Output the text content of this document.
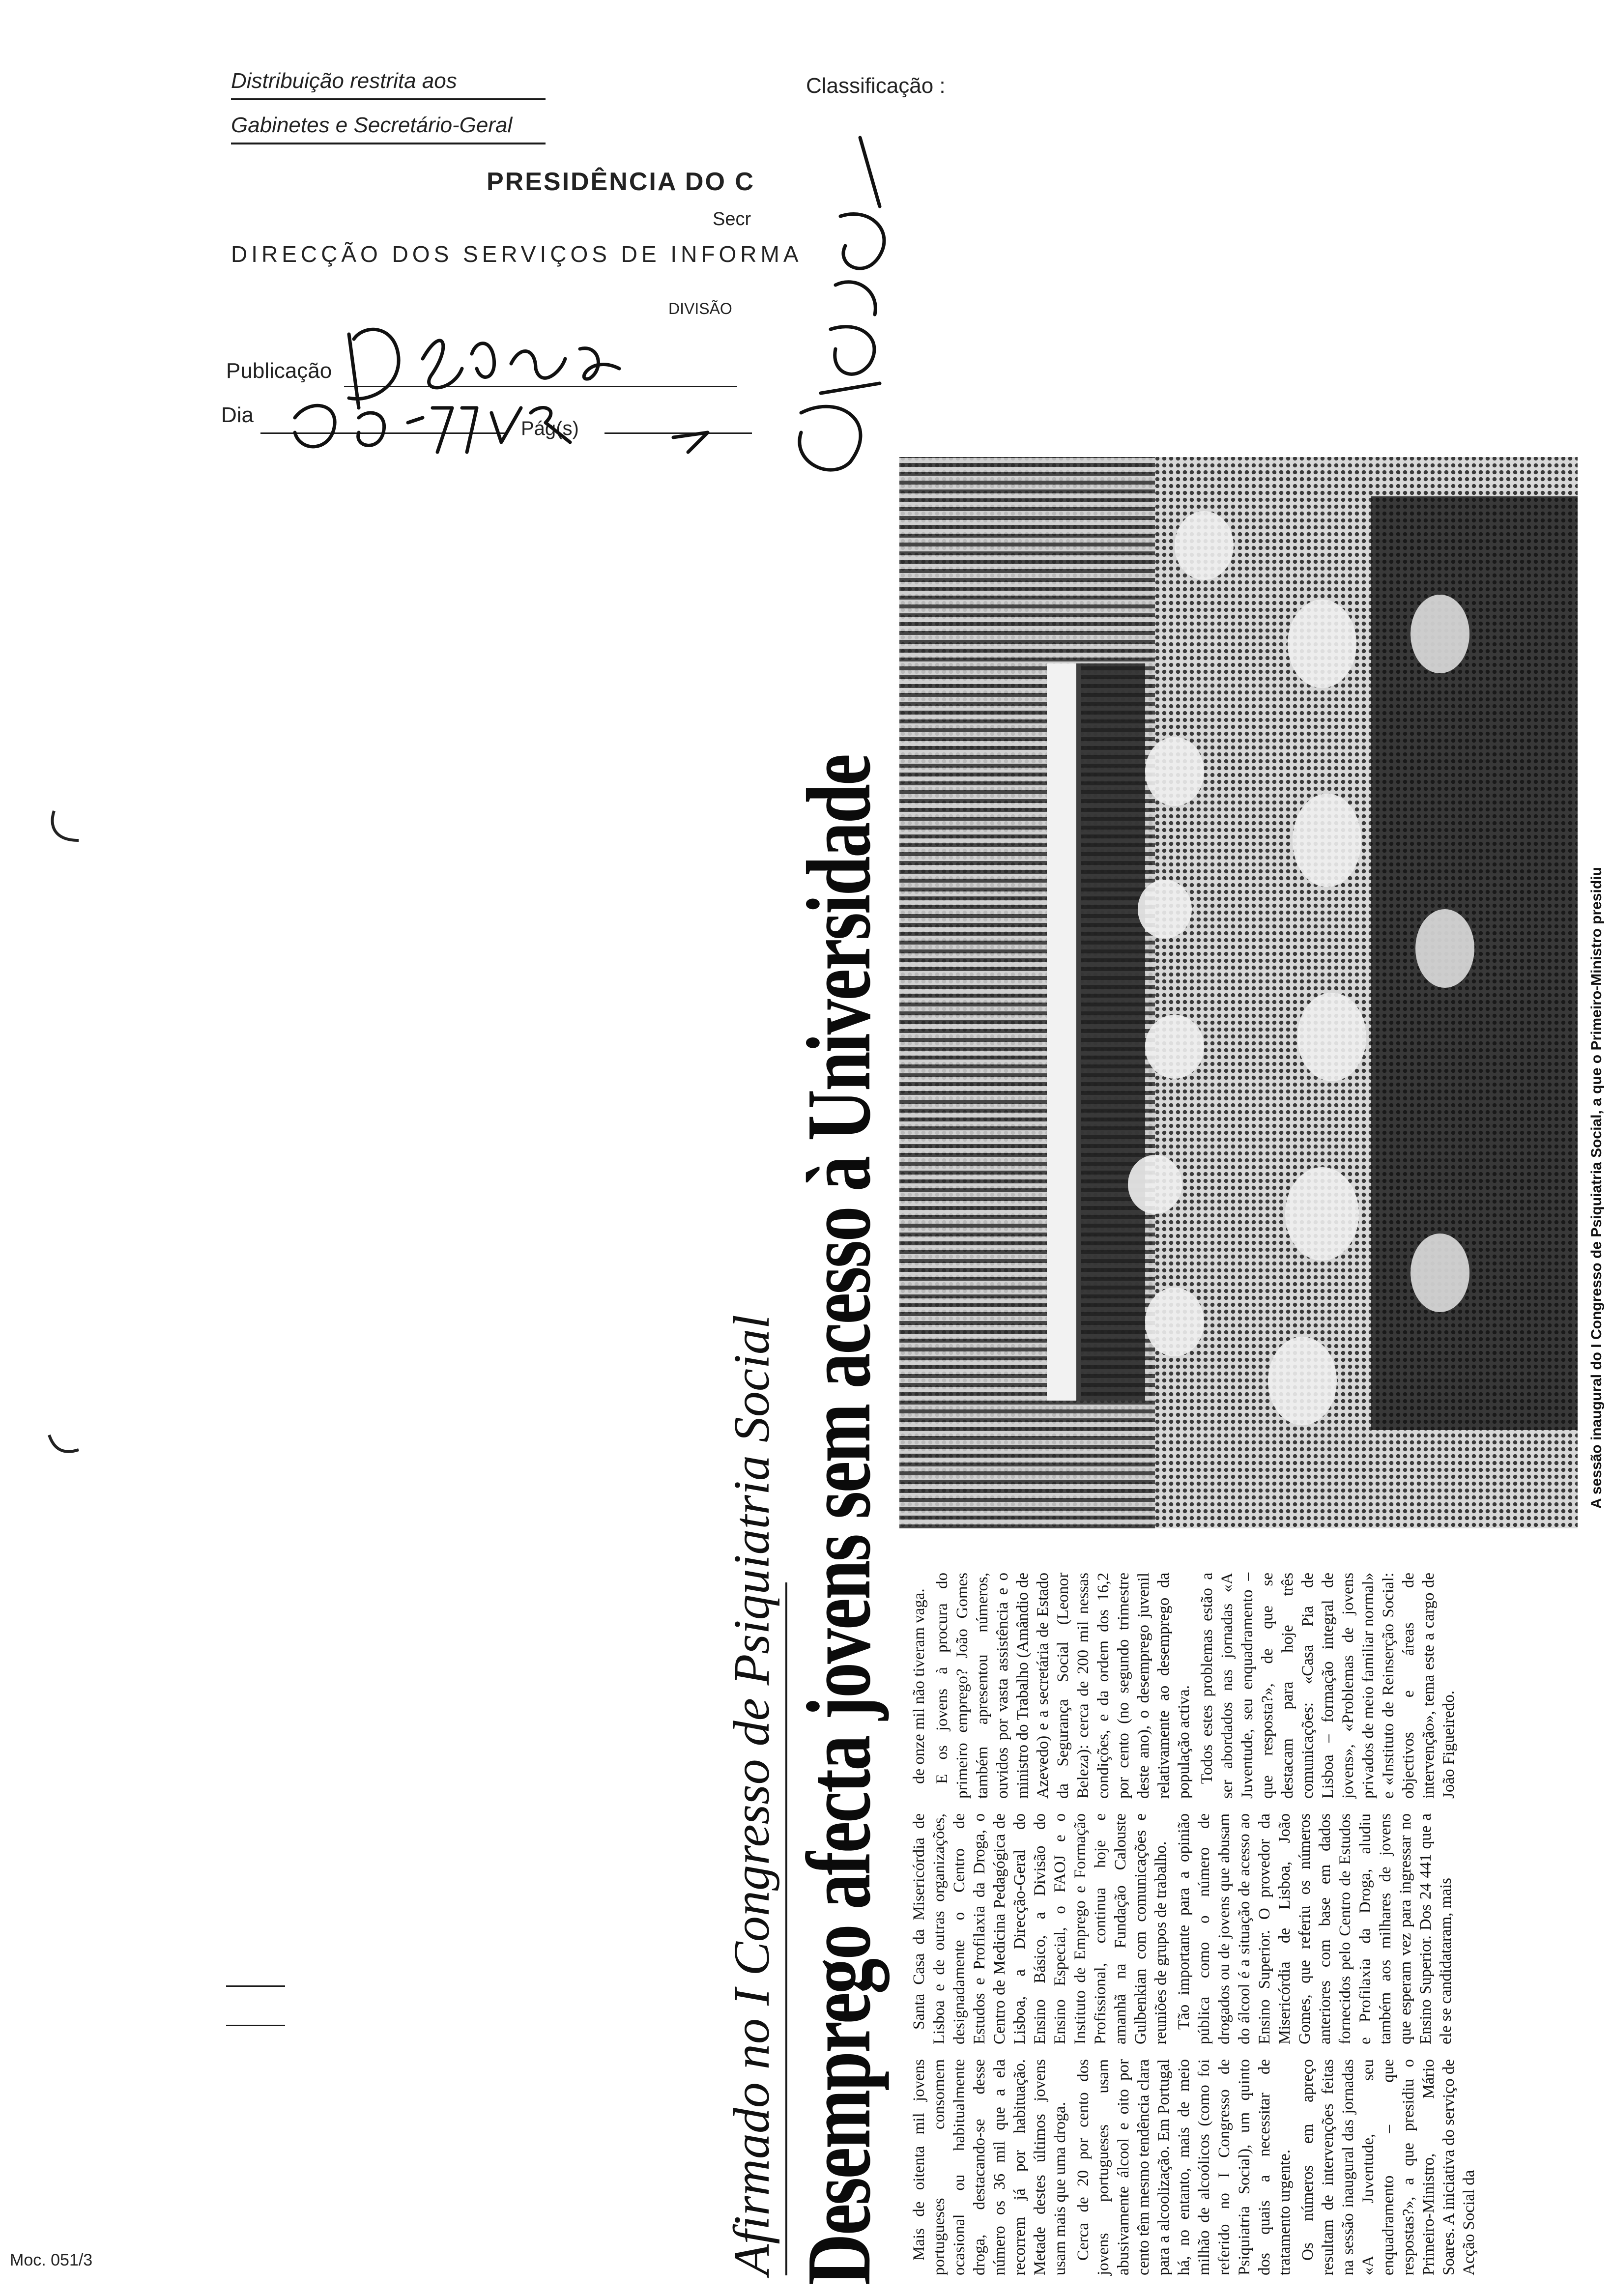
Distribuição restrita aos
Gabinetes e Secretário-Geral
Classificação :
PRESIDÊNCIA DO C
Secr
DIRECÇÃO DOS SERVIÇOS DE INFORMA
DIVISÃO
Publicação
Dia
Pág(s)
Moc. 051/3	Afirmado no I Congresso de Psiquiatria Social Desemprego afecta jovens sem acesso à Universidade Mais de oitenta mil jovens portugueses consomem ocasional ou habitualmente droga, destacando-se desse número os 36 mil que a ela recorrem já por habituação. Metade destes últimos jovens usam mais que uma droga. Cerca de 20 por cento dos jovens portugueses usam abusivamente álcool e oito por cento têm mesmo tendência clara para a alcoolização. Em Portugal há, no entanto, mais de meio milhão de alcoólicos (como foi referido no I Congresso de Psiquiatria Social), um quinto dos quais a necessitar de tratamento urgente. Os números em apreço resultam de intervenções feitas na sessão inaugural das jornadas «A Juventude, seu enquadramento – que respostas?», a que presidiu o Primeiro-Ministro, Mário Soares. A iniciativa do serviço de Acção Social da

Santa Casa da Misericórdia de Lisboa e de outras organizações, designadamente o Centro de Estudos e Profilaxia da Droga, o Centro de Medicina Pedagógica de Lisboa, a Direcção-Geral do Ensino Básico, a Divisão do Ensino Especial, o FAOJ e o Instituto de Emprego e Formação Profissional, continua hoje e amanhã na Fundação Calouste Gulbenkian com comunicações e reuniões de grupos de trabalho. Tão importante para a opinião pública como o número de drogados ou de jovens que abusam do álcool é a situação de acesso ao Ensino Superior. O provedor da Misericórdia de Lisboa, João Gomes, que referiu os números anteriores com base em dados fornecidos pelo Centro de Estudos e Profilaxia da Droga, aludiu também aos milhares de jovens que esperam vez para ingressar no Ensino Superior. Dos 24 441 que a ele se candidataram, mais

de onze mil não tiveram vaga. E os jovens à procura do primeiro emprego? João Gomes também apresentou números, ouvidos por vasta assistência e o ministro do Trabalho (Amândio de Azevedo) e a secretária de Estado da Segurança Social (Leonor Beleza): cerca de 200 mil nessas condições, e da ordem dos 16,2 por cento (no segundo trimestre deste ano), o desemprego juvenil relativamente ao desemprego da população activa. Todos estes problemas estão a ser abordados nas jornadas «A Juventude, seu enquadramento – que resposta?», de que se destacam para hoje três comunicações: «Casa Pia de Lisboa – formação integral de jovens», «Problemas de jovens privados de meio familiar normal» e «Instituto de Reinserção Social: objectivos e áreas de intervenção», tema este a cargo de João Figueiredo.

A sessão inaugural do I Congresso de Psiquiatria Social, a que o Primeiro-Ministro presidiu
